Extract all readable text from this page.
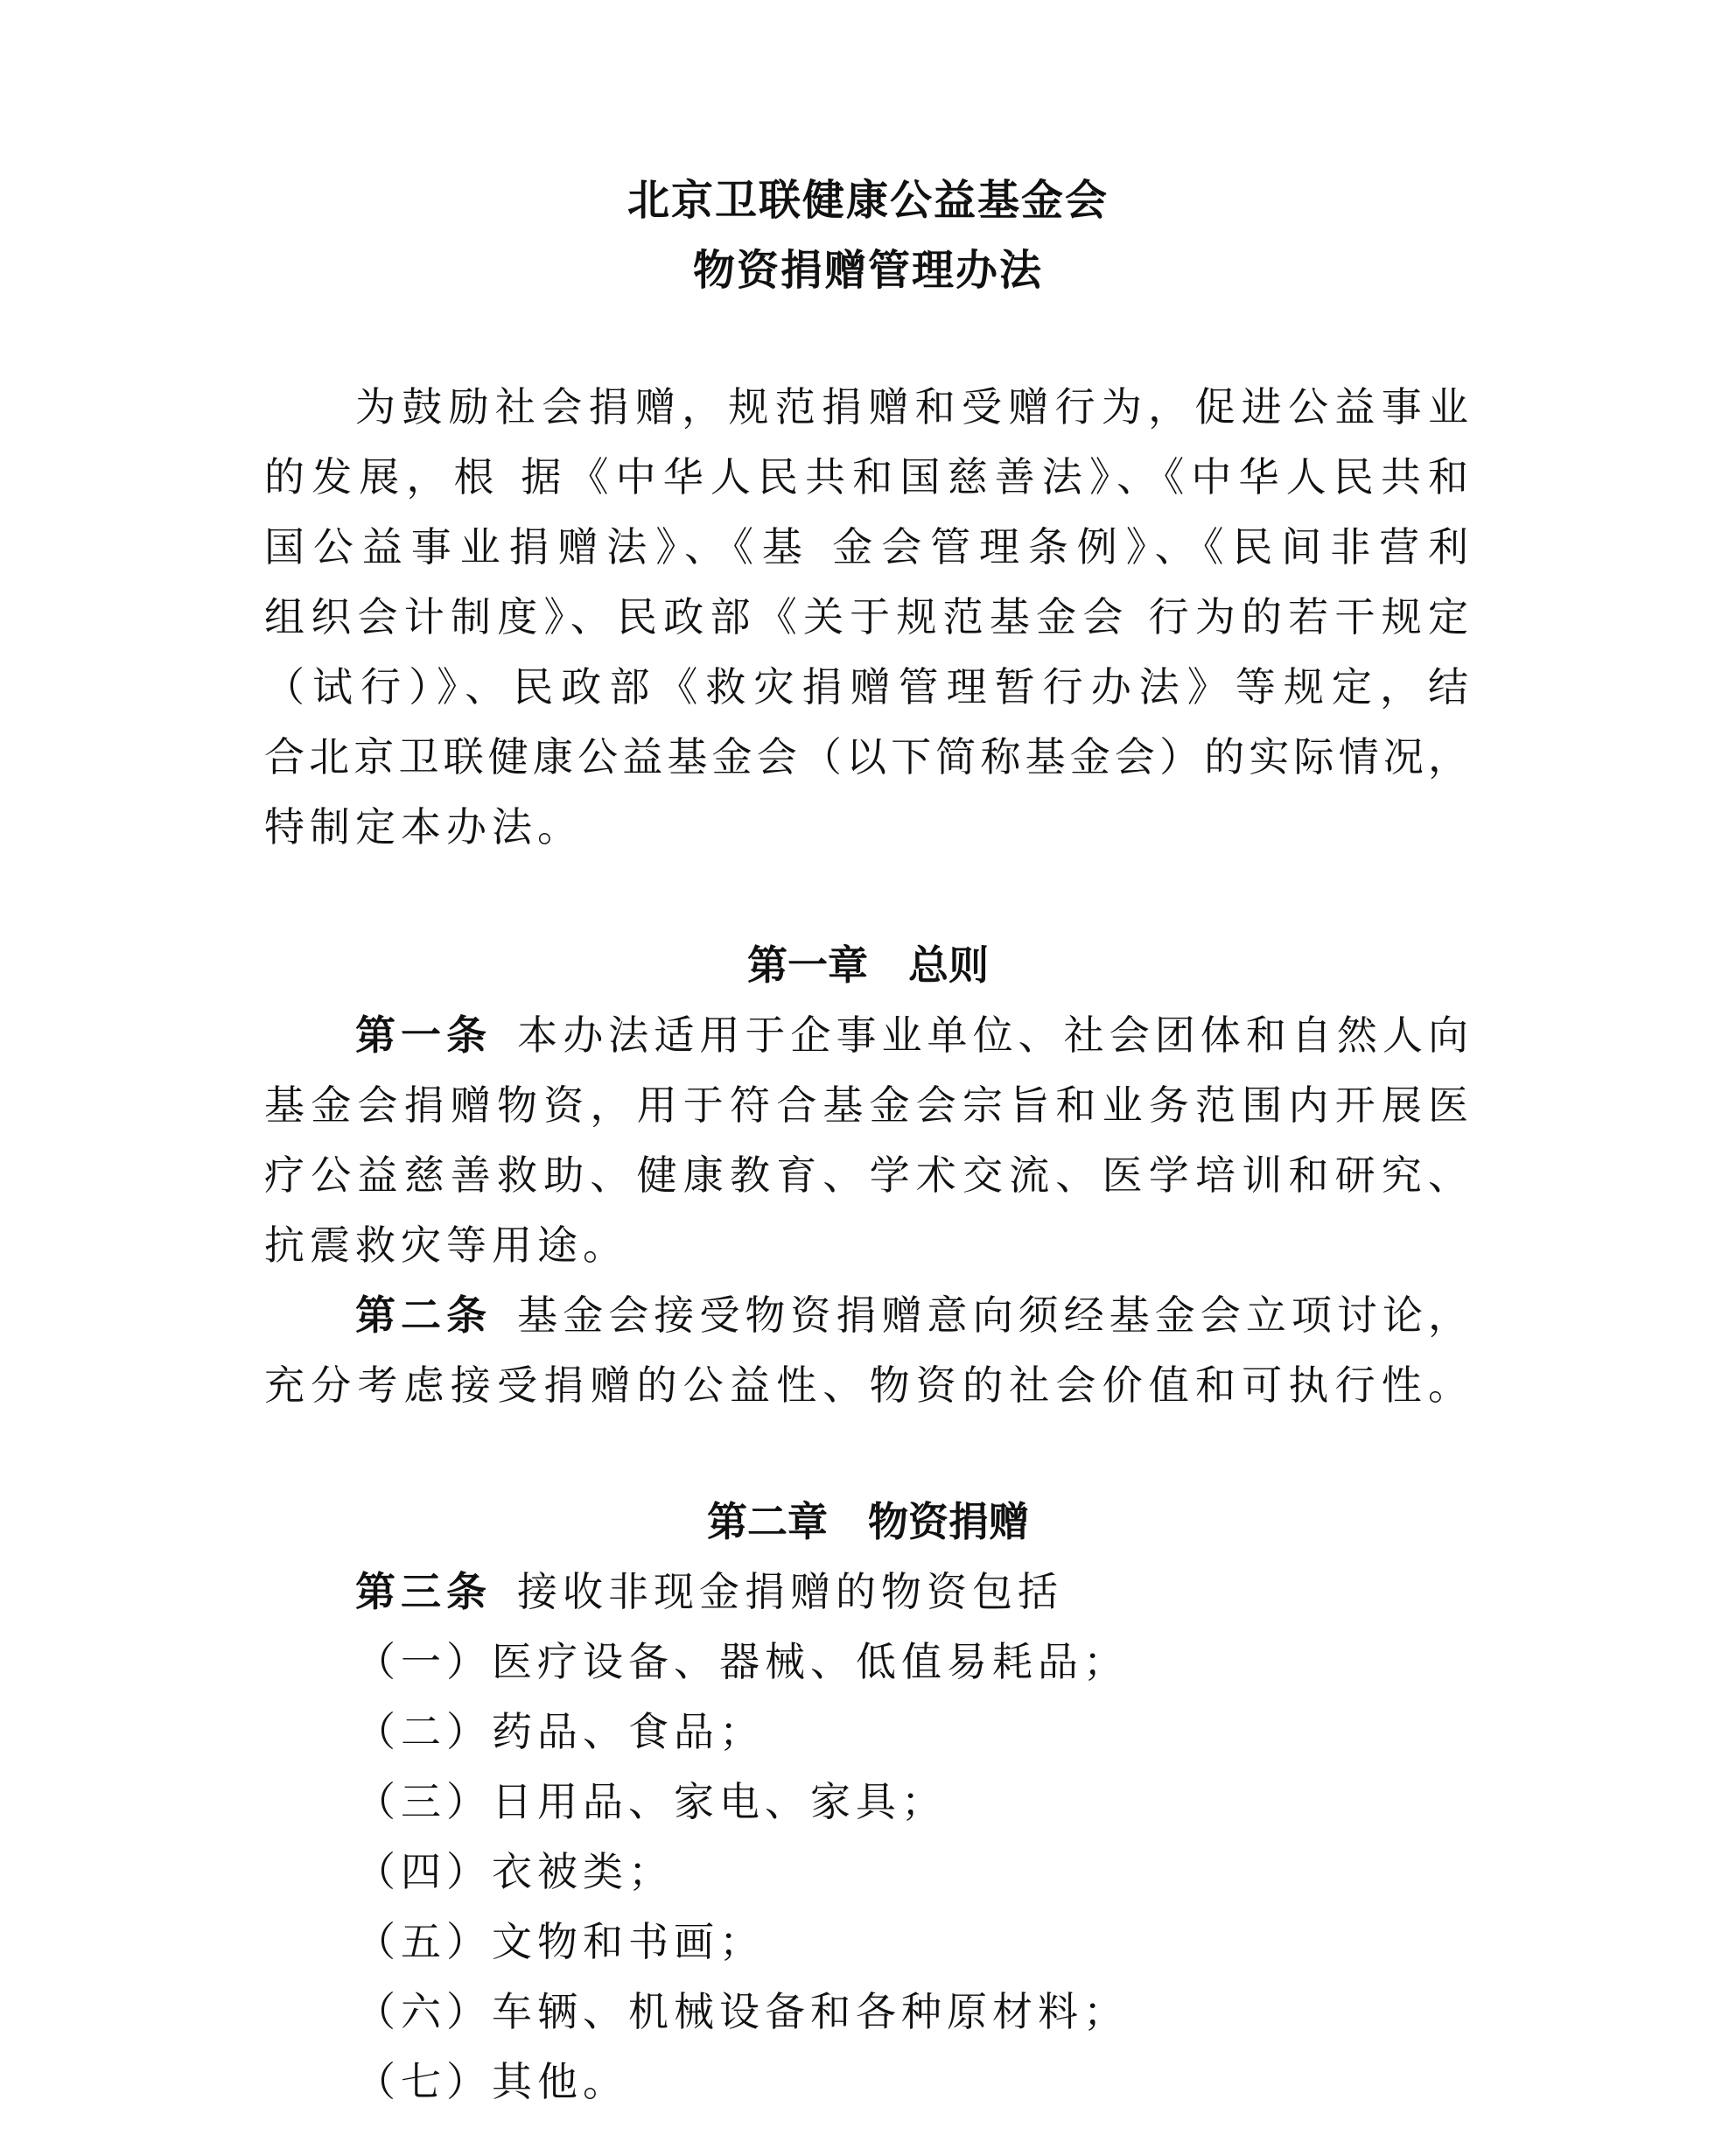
北京卫联健康公益基金会
物资捐赠管理办法
为鼓励社会捐赠，规范捐赠和受赠行为，促进公益事业
的发展，根 据《中华人民共和国慈善法》、《中华人民共和
国公益事业捐赠法》、《基 金会管理条例》、《民间非营利
组织会计制度》、民政部《关于规范基金会 行为的若干规定
（试行）》、民政部《救灾捐赠管理暂行办法》等规定，结
合北京卫联健康公益基金会（以下简称基金会）的实际情况，
特制定本办法。
第一章　总则
第一条  本办法适用于企事业单位、社会团体和自然人向
基金会捐赠物资，用于符合基金会宗旨和业务范围内开展医
疗公益慈善救助、健康教育、学术交流、医学培训和研究、
抗震救灾等用途。
第二条  基金会接受物资捐赠意向须经基金会立项讨论，
充分考虑接受捐赠的公益性、物资的社会价值和可执行性。
第二章　物资捐赠
第三条  接收非现金捐赠的物资包括
（一）医疗设备、器械、低值易耗品；
（二）药品、食品；
（三）日用品、家电、家具；
（四）衣被类；
（五）文物和书画；
（六）车辆、机械设备和各种原材料；
（七）其他。
